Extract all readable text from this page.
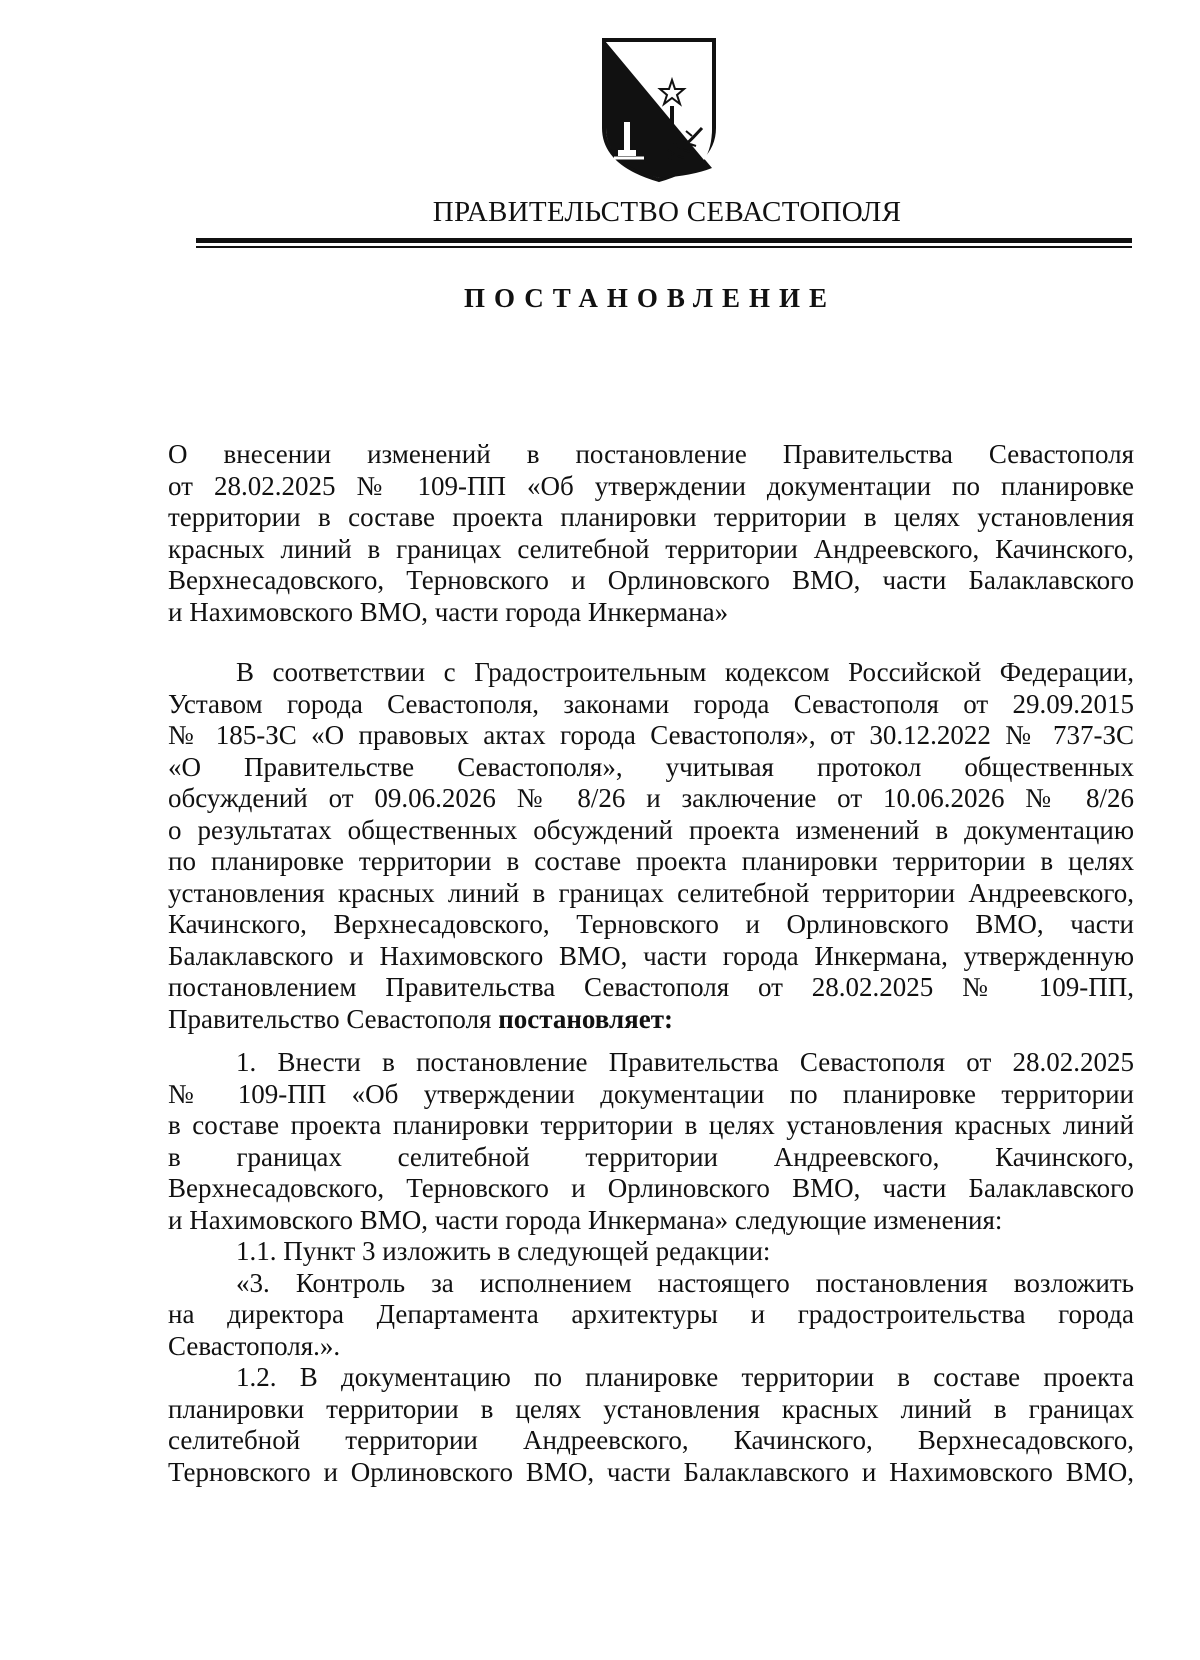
ПРАВИТЕЛЬСТВО СЕВАСТОПОЛЯ
ПОСТАНОВЛЕНИЕ
О внесении изменений в постановление Правительства Севастополя
от 28.02.2025 № 109-ПП «Об утверждении документации по планировке
территории в составе проекта планировки территории в целях установления
красных линий в границах селитебной территории Андреевского, Качинского,
Верхнесадовского, Терновского и Орлиновского ВМО, части Балаклавского
и Нахимовского ВМО, части города Инкермана»
В соответствии с Градостроительным кодексом Российской Федерации,
Уставом города Севастополя, законами города Севастополя от 29.09.2015
№ 185-ЗС «О правовых актах города Севастополя», от 30.12.2022 № 737-ЗС
«О Правительстве Севастополя», учитывая протокол общественных
обсуждений от 09.06.2026 № 8/26 и заключение от 10.06.2026 № 8/26
о результатах общественных обсуждений проекта изменений в документацию
по планировке территории в составе проекта планировки территории в целях
установления красных линий в границах селитебной территории Андреевского,
Качинского, Верхнесадовского, Терновского и Орлиновского ВМО, части
Балаклавского и Нахимовского ВМО, части города Инкермана, утвержденную
постановлением Правительства Севастополя от 28.02.2025 № 109-ПП,
Правительство Севастополя постановляет:
1. Внести в постановление Правительства Севастополя от 28.02.2025
№ 109-ПП «Об утверждении документации по планировке территории
в составе проекта планировки территории в целях установления красных линий
в границах селитебной территории Андреевского, Качинского,
Верхнесадовского, Терновского и Орлиновского ВМО, части Балаклавского
и Нахимовского ВМО, части города Инкермана» следующие изменения:
1.1. Пункт 3 изложить в следующей редакции:
«3. Контроль за исполнением настоящего постановления возложить
на директора Департамента архитектуры и градостроительства города
Севастополя.».
1.2. В документацию по планировке территории в составе проекта
планировки территории в целях установления красных линий в границах
селитебной территории Андреевского, Качинского, Верхнесадовского,
Терновского и Орлиновского ВМО, части Балаклавского и Нахимовского ВМО,
